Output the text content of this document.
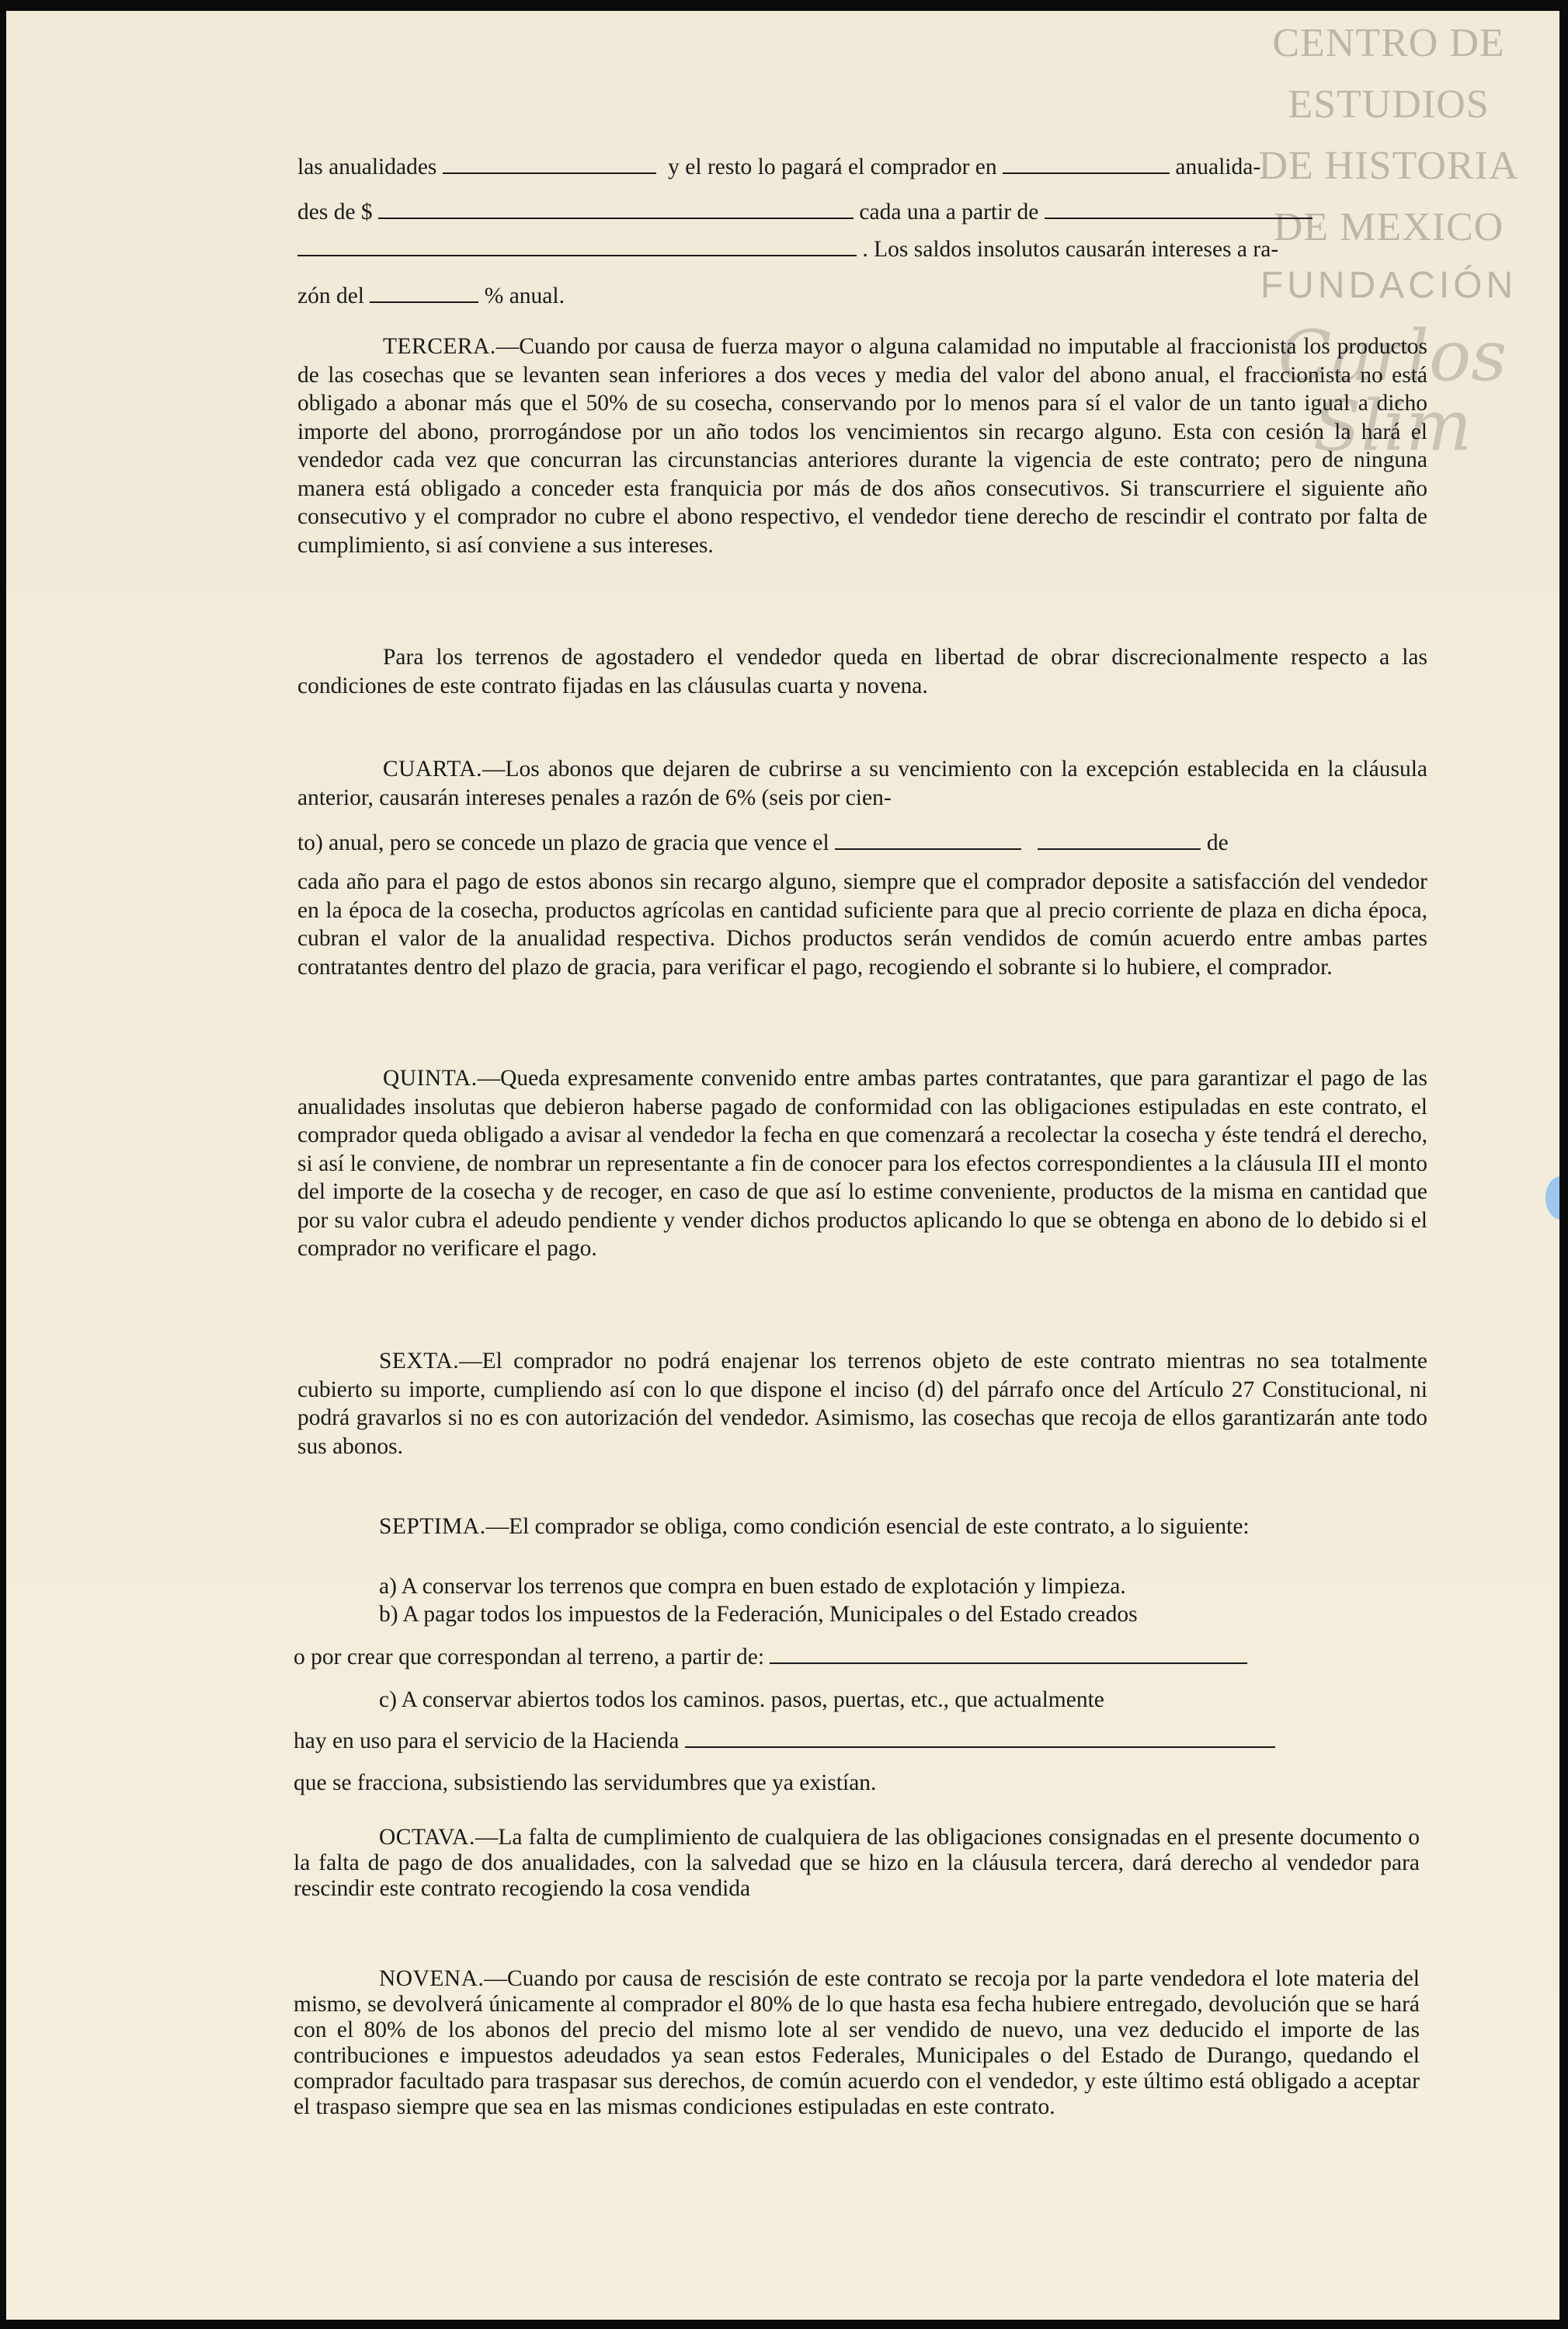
CENTRO DE
ESTUDIOS
DE HISTORIA
DE MEXICO
FUNDACIÓN
Carlos Slim
las anualidades	y el resto lo pagará el comprador en	anualida-
des de $	cada una a partir de
. Los saldos insolutos causarán intereses a ra-
zón del	% anual.

TERCERA.—Cuando por causa de fuerza mayor o alguna calamidad no imputable al fraccionista los productos de las cosechas que se levanten sean inferiores a dos veces y media del valor del abono anual, el fraccionista no está obligado a abonar más que el 50% de su cosecha, conservando por lo menos para sí el valor de un tanto igual a dicho importe del abono, prorrogándose por un año todos los vencimientos sin recargo alguno. Esta con cesión la hará el vendedor cada vez que concurran las circunstancias anteriores durante la vigencia de este contrato; pero de ninguna manera está obligado a conceder esta franquicia por más de dos años consecutivos. Si transcurriere el siguiente año consecutivo y el comprador no cubre el abono respectivo, el vendedor tiene derecho de rescindir el contrato por falta de cumplimiento, si así conviene a sus intereses.

Para los terrenos de agostadero el vendedor queda en libertad de obrar discrecionalmente respecto a las condiciones de este contrato fijadas en las cláusulas cuarta y novena.

CUARTA.—Los abonos que dejaren de cubrirse a su vencimiento con la excepción establecida en la cláusula anterior, causarán intereses penales a razón de 6% (seis por cien-

to) anual, pero se concede un plazo de gracia que vence el	de

cada año para el pago de estos abonos sin recargo alguno, siempre que el comprador deposite a satisfacción del vendedor en la época de la cosecha, productos agrícolas en cantidad suficiente para que al precio corriente de plaza en dicha época, cubran el valor de la anualidad respectiva. Dichos productos serán vendidos de común acuerdo entre ambas partes contratantes dentro del plazo de gracia, para verificar el pago, recogiendo el sobrante si lo hubiere, el comprador.

QUINTA.—Queda expresamente convenido entre ambas partes contratantes, que para garantizar el pago de las anualidades insolutas que debieron haberse pagado de conformidad con las obligaciones estipuladas en este contrato, el comprador queda obligado a avisar al vendedor la fecha en que comenzará a recolectar la cosecha y éste tendrá el derecho, si así le conviene, de nombrar un representante a fin de conocer para los efectos correspondientes a la cláusula III el monto del importe de la cosecha y de recoger, en caso de que así lo estime conveniente, productos de la misma en cantidad que por su valor cubra el adeudo pendiente y vender dichos productos aplicando lo que se obtenga en abono de lo debido si el comprador no verificare el pago.

SEXTA.—El comprador no podrá enajenar los terrenos objeto de este contrato mientras no sea totalmente cubierto su importe, cumpliendo así con lo que dispone el inciso (d) del párrafo once del Artículo 27 Constitucional, ni podrá gravarlos si no es con autorización del vendedor. Asimismo, las cosechas que recoja de ellos garantizarán ante todo sus abonos.

SEPTIMA.—El comprador se obliga, como condición esencial de este contrato, a lo siguiente:

a) A conservar los terrenos que compra en buen estado de explotación y limpieza.
b) A pagar todos los impuestos de la Federación, Municipales o del Estado creados
o por crear que correspondan al terreno, a partir de:
c) A conservar abiertos todos los caminos. pasos, puertas, etc., que actualmente
hay en uso para el servicio de la Hacienda
que se fracciona, subsistiendo las servidumbres que ya existían.

OCTAVA.—La falta de cumplimiento de cualquiera de las obligaciones consignadas en el presente documento o la falta de pago de dos anualidades, con la salvedad que se hizo en la cláusula tercera, dará derecho al vendedor para rescindir este contrato recogiendo la cosa vendida

NOVENA.—Cuando por causa de rescisión de este contrato se recoja por la parte vendedora el lote materia del mismo, se devolverá únicamente al comprador el 80% de lo que hasta esa fecha hubiere entregado, devolución que se hará con el 80% de los abonos del precio del mismo lote al ser vendido de nuevo, una vez deducido el importe de las contribuciones e impuestos adeudados ya sean estos Federales, Municipales o del Estado de Durango, quedando el comprador facultado para traspasar sus derechos, de común acuerdo con el vendedor, y este último está obligado a aceptar el traspaso siempre que sea en las mismas condiciones estipuladas en este contrato.
